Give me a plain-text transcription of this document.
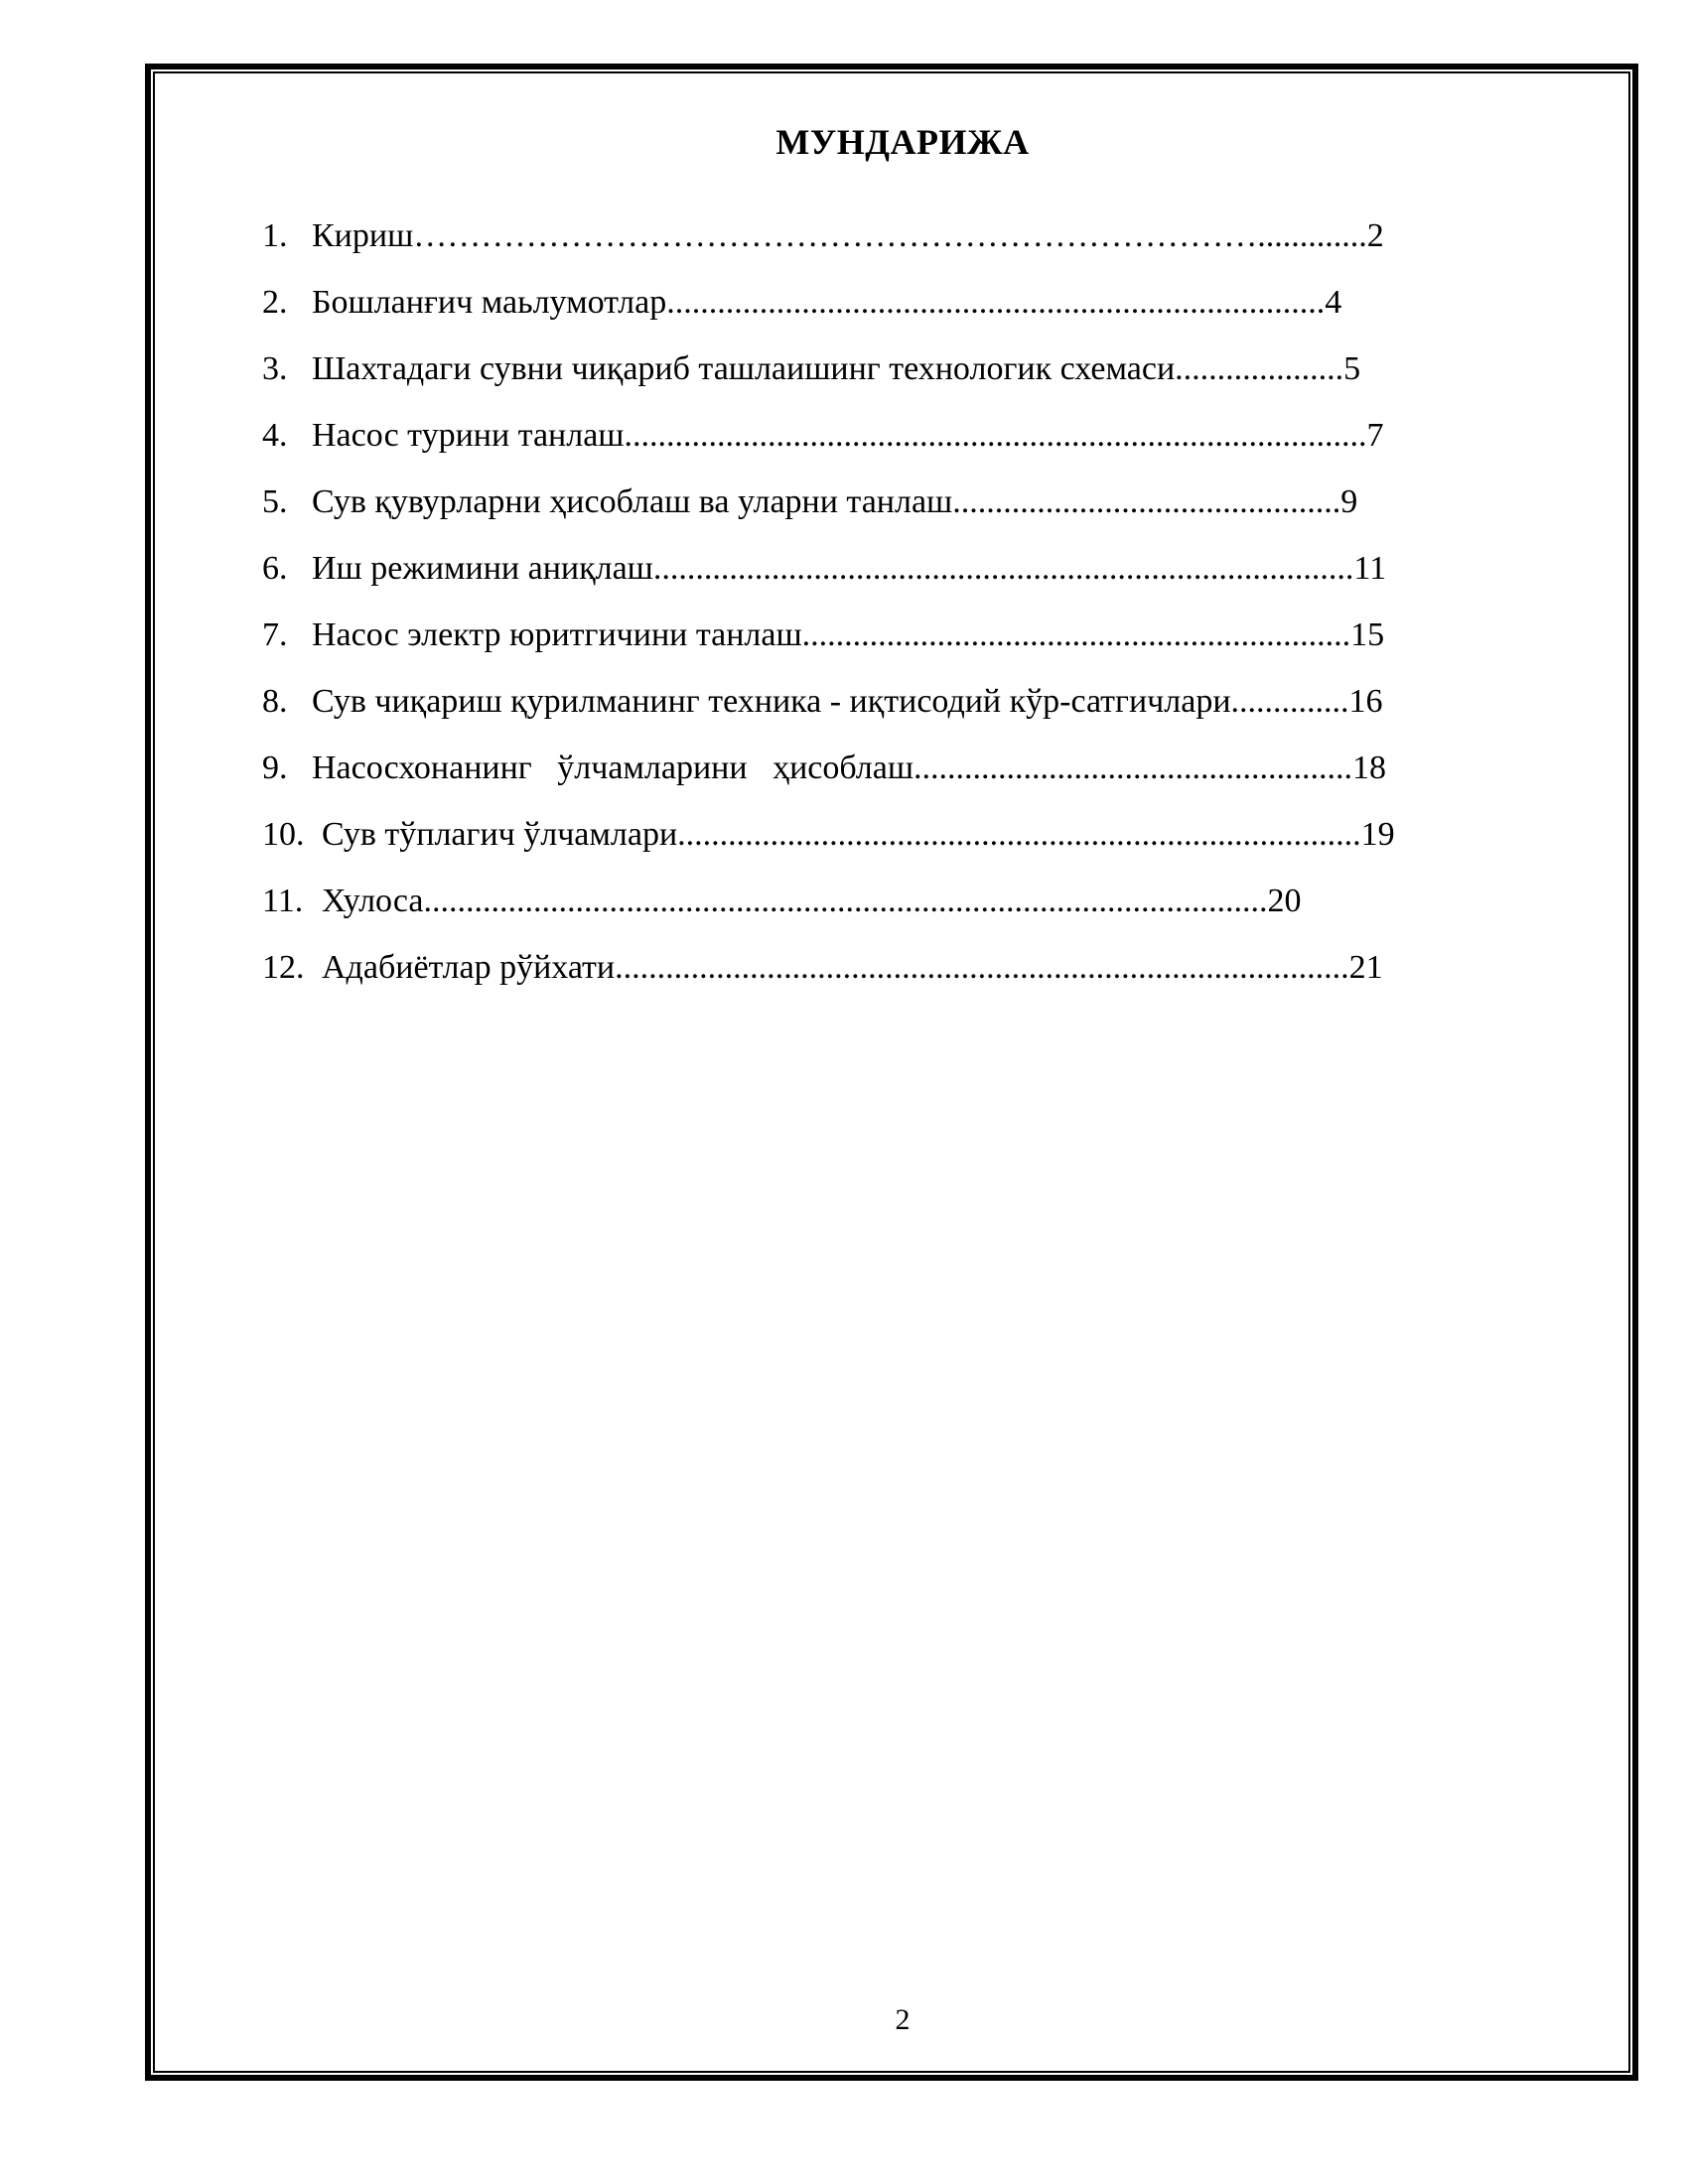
МУНДАРИЖА
1. Кириш………………………………………………………………….............2
2. Бошланғич маьлумотлар..............................................................................4
3. Шахтадаги сувни чиқариб ташлаишинг технологик схемаси....................5
4. Насос турини танлаш........................................................................................7
5. Сув қувурларни ҳисоблаш ва уларни танлаш..............................................9
6. Иш режимини аниқлаш...................................................................................11
7. Насос электр юритгичини танлаш.................................................................15
8. Сув чиқариш қурилманинг техника - иқтисодий кўр-сатгичлари..............16
9. Насосхонанинг   ўлчамларини   ҳисоблаш....................................................18
10. Сув тўплагич ўлчамлари.................................................................................19
11. Хулоса....................................................................................................20
12. Адабиётлар рўйхати.......................................................................................21
2
